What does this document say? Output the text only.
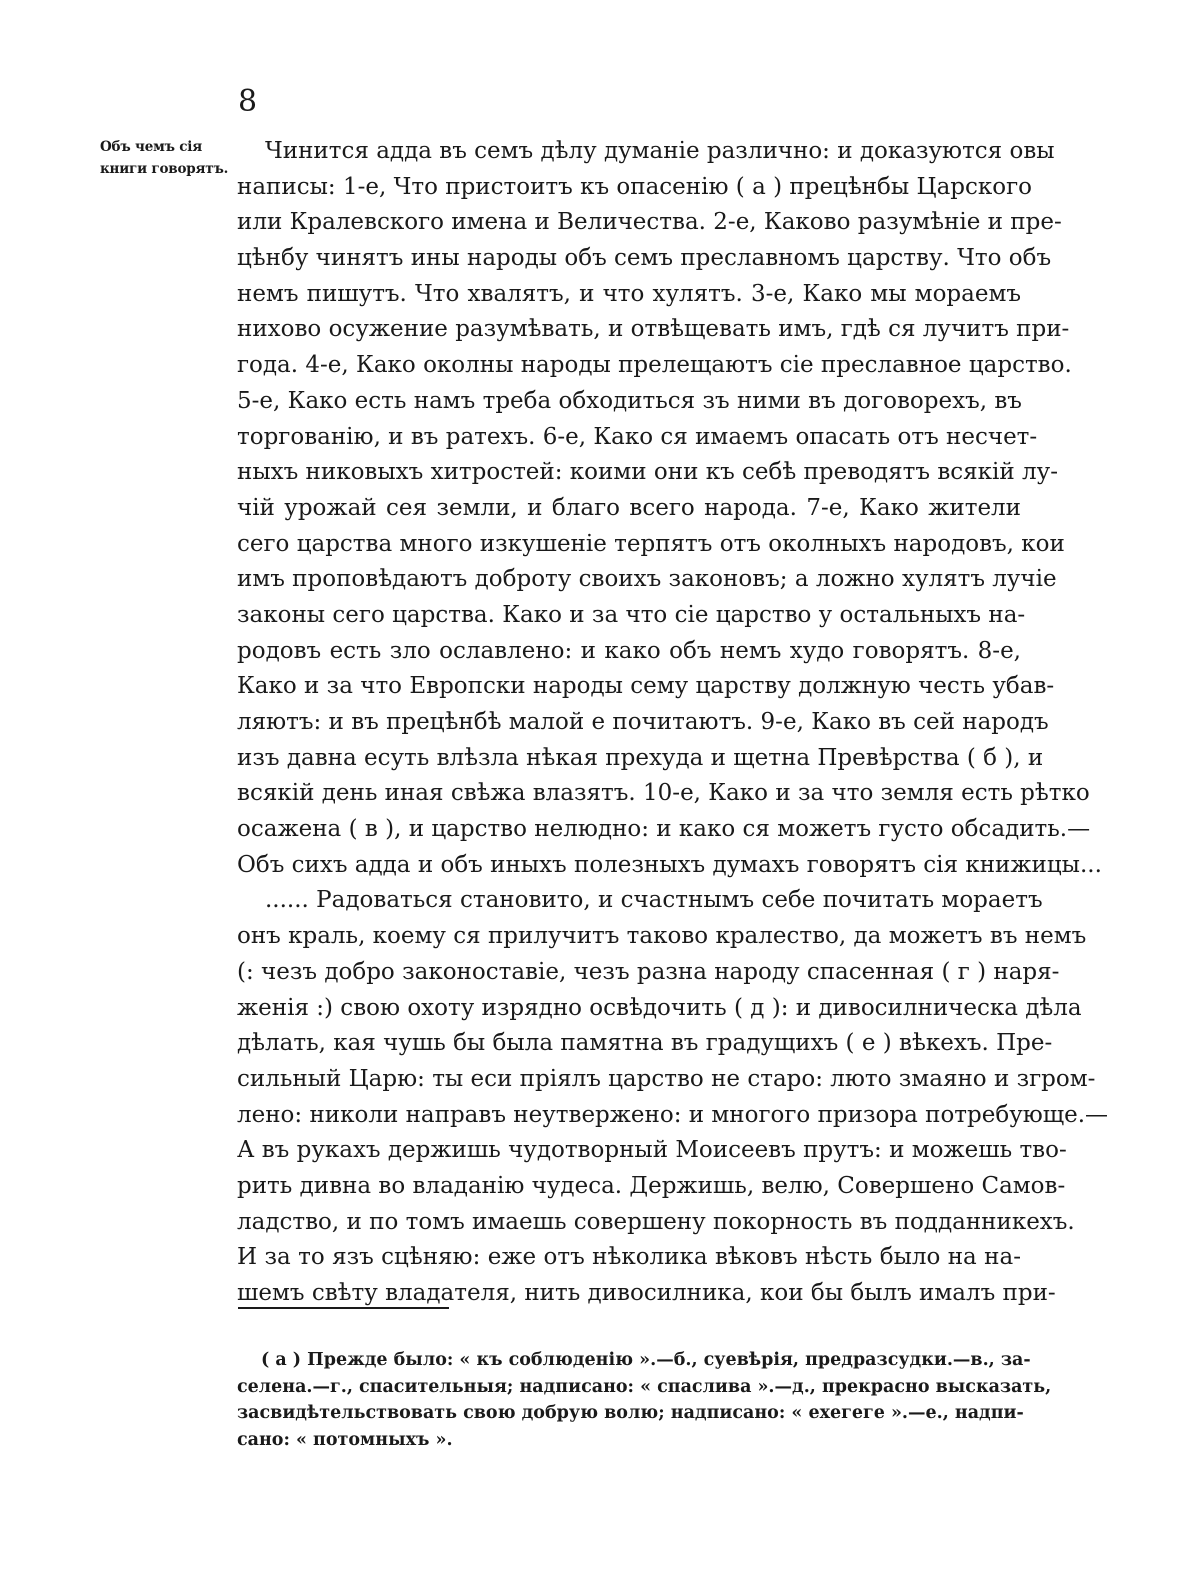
8
Объ чемъ сія
книги говорятъ.
Чинится адда въ семъ дѣлу думаніе различно: и доказуются овы
написы: 1-е, Что пристоитъ къ опасенію ( а ) прецѣнбы Царского
или Кралевского имена и Величества. 2-е, Каково разумѣніе и пре-
цѣнбу чинятъ ины народы объ семъ преславномъ царству. Что объ
немъ пишутъ. Что хвалятъ, и что хулятъ. 3-е, Како мы мораемъ
нихово осужение разумѣвать, и отвѣщевать имъ, гдѣ ся лучитъ при-
года. 4-е, Како околны народы прелещаютъ сіе преславное царство.
5-е, Како есть намъ треба обходиться зъ ними въ договорехъ, въ
торгованію, и въ ратехъ. 6-е, Како ся имаемъ опасать отъ несчет-
ныхъ никовыхъ хитростей: коими они къ себѣ преводятъ всякій лу-
чій урожай сея земли, и благо всего народа. 7-е, Како жители
сего царства много изкушеніе терпятъ отъ околныхъ народовъ, кои
имъ проповѣдаютъ доброту своихъ законовъ; а ложно хулятъ лучіе
законы сего царства. Како и за что сіе царство у остальныхъ на-
родовъ есть зло ославлено: и како объ немъ худо говорятъ. 8-е,
Како и за что Европски народы сему царству должную честь убав-
ляютъ: и въ прецѣнбѣ малой е почитаютъ. 9-е, Како въ сей народъ
изъ давна есуть влѣзла нѣкая прехуда и щетна Превѣрства ( б ), и
всякій день иная свѣжа влазятъ. 10-е, Како и за что земля есть рѣтко
осажена ( в ), и царство нелюдно: и како ся можетъ густо обсадить.—
Объ сихъ адда и объ иныхъ полезныхъ думахъ говорятъ сія книжицы...
...... Радоваться становито, и счастнымъ себе почитать мораетъ
онъ краль, коему ся прилучитъ таково кралество, да можетъ въ немъ
(: чезъ добро законоставіе, чезъ разна народу спасенная ( г ) наря-
женія :) свою охоту изрядно освѣдочить ( д ): и дивосилническа дѣла
дѣлать, кая чушь бы была памятна въ градущихъ ( е ) вѣкехъ. Пре-
сильный Царю: ты еси пріялъ царство не старо: люто змаяно и згром-
лено: николи направъ неутвержено: и многого призора потребующе.—
А въ рукахъ держишь чудотворный Моисеевъ прутъ: и можешь тво-
рить дивна во владанію чудеса. Держишь, велю, Совершено Самов-
ладство, и по томъ имаешь совершену покорность въ подданникехъ.
И за то язъ сцѣняю: еже отъ нѣколика вѣковъ нѣсть было на на-
шемъ свѣту владателя, нить дивосилника, кои бы былъ ималъ при-
( а ) Прежде было: « къ соблюденію ».—б., суевѣрія, предразсудки.—в., за-
селена.—г., спасительныя; надписано: « спаслива ».—д., прекрасно высказать,
засвидѣтельствовать свою добрую волю; надписано: « exегеге ».—е., надпи-
сано: « потомныхъ ».
